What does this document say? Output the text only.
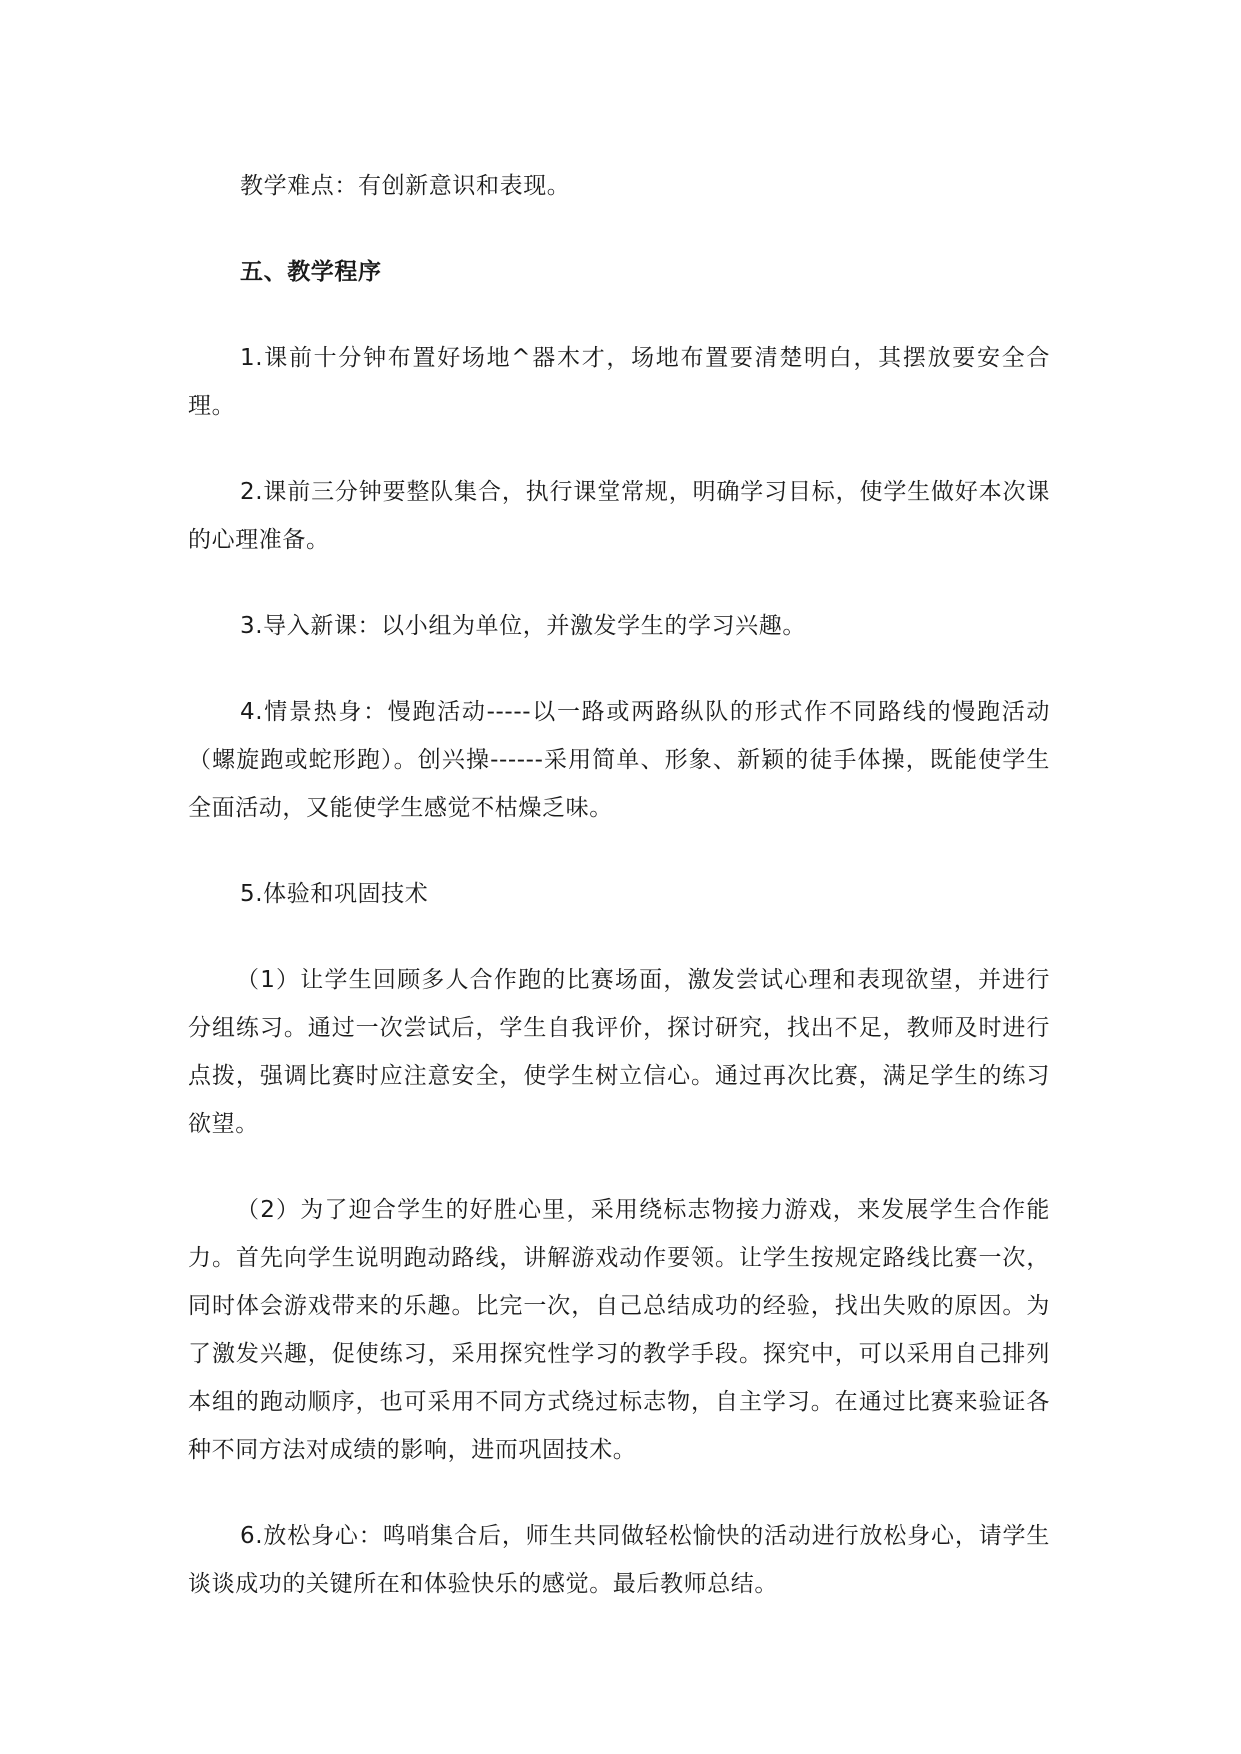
教学难点：有创新意识和表现。

五、教学程序

1.课前十分钟布置好场地^器木才，场地布置要清楚明白，其摆放要安全合理。

2.课前三分钟要整队集合，执行课堂常规，明确学习目标，使学生做好本次课的心理准备。

3.导入新课：以小组为单位，并激发学生的学习兴趣。

4.情景热身：慢跑活动-----以一路或两路纵队的形式作不同路线的慢跑活动（螺旋跑或蛇形跑）。创兴操------采用简单、形象、新颖的徒手体操，既能使学生全面活动，又能使学生感觉不枯燥乏味。

5.体验和巩固技术

（1）让学生回顾多人合作跑的比赛场面，激发尝试心理和表现欲望，并进行分组练习。通过一次尝试后，学生自我评价，探讨研究，找出不足，教师及时进行点拨，强调比赛时应注意安全，使学生树立信心。通过再次比赛，满足学生的练习欲望。

（2）为了迎合学生的好胜心里，采用绕标志物接力游戏，来发展学生合作能力。首先向学生说明跑动路线，讲解游戏动作要领。让学生按规定路线比赛一次，同时体会游戏带来的乐趣。比完一次，自己总结成功的经验，找出失败的原因。为了激发兴趣，促使练习，采用探究性学习的教学手段。探究中，可以采用自己排列本组的跑动顺序，也可采用不同方式绕过标志物，自主学习。在通过比赛来验证各种不同方法对成绩的影响，进而巩固技术。

6.放松身心：鸣哨集合后，师生共同做轻松愉快的活动进行放松身心，请学生谈谈成功的关键所在和体验快乐的感觉。最后教师总结。
